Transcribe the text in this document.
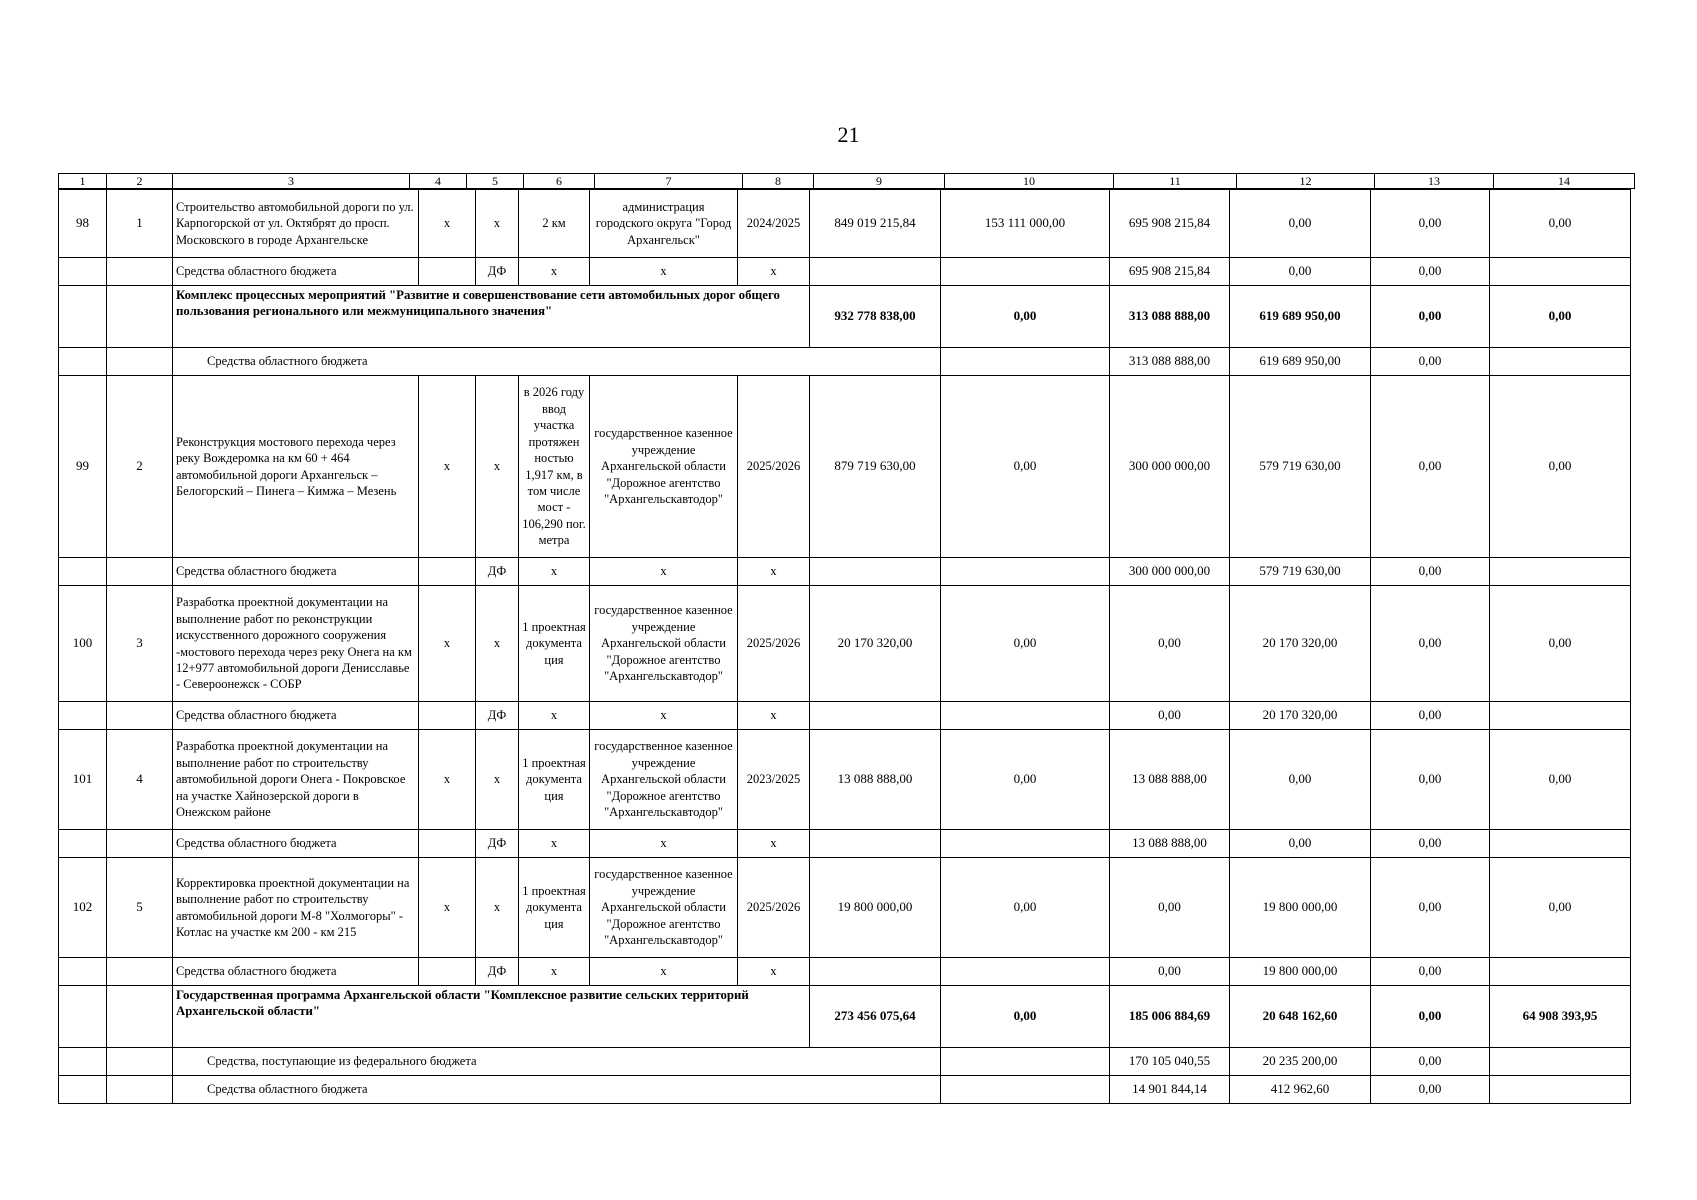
21
1	2	3	4	5	6	7	8	9	10	11	12	13	14
98	1	Строительство автомобильной дороги по ул. Карпогорской от ул. Октябрят до просп. Московского в городе Архангельске	х	х	2 км	администрация городского округа "Город Архангельск"	2024/2025	849 019 215,84	153 111 000,00	695 908 215,84	0,00	0,00	0,00
		Средства областного бюджета		ДФ	х	х	х			695 908 215,84	0,00	0,00	
		Комплекс процессных мероприятий "Развитие и совершенствование сети автомобильных дорог общего пользования регионального или межмуниципального значения"						932 778 838,00	0,00	313 088 888,00	619 689 950,00	0,00	0,00
		Средства областного бюджета								313 088 888,00	619 689 950,00	0,00	
99	2	Реконструкция мостового перехода через реку Вождеромка на км 60 + 464 автомобильной дороги Архангельск – Белогорский – Пинега – Кимжа – Мезень	х	х	в 2026 году ввод участка протяжен ностью 1,917 км, в том числе мост - 106,290 пог. метра	государственное казенное учреждение Архангельской области "Дорожное агентство "Архангельскавтодор"	2025/2026	879 719 630,00	0,00	300 000 000,00	579 719 630,00	0,00	0,00
		Средства областного бюджета		ДФ	х	х	х			300 000 000,00	579 719 630,00	0,00	
100	3	Разработка проектной документации на выполнение работ по реконструкции искусственного дорожного сооружения -мостового перехода через реку Онега на км 12+977 автомобильной дороги Денисславье - Североонежск - СОБР	х	х	1 проектная документа ция	государственное казенное учреждение Архангельской области "Дорожное агентство "Архангельскавтодор"	2025/2026	20 170 320,00	0,00	0,00	20 170 320,00	0,00	0,00
		Средства областного бюджета		ДФ	х	х	х			0,00	20 170 320,00	0,00	
101	4	Разработка проектной документации на выполнение работ по строительству автомобильной дороги Онега - Покровское на участке Хайнозерской дороги в Онежском районе	х	х	1 проектная документа ция	государственное казенное учреждение Архангельской области "Дорожное агентство "Архангельскавтодор"	2023/2025	13 088 888,00	0,00	13 088 888,00	0,00	0,00	0,00
		Средства областного бюджета		ДФ	х	х	х			13 088 888,00	0,00	0,00	
102	5	Корректировка проектной документации на выполнение работ по строительству автомобильной дороги М-8 "Холмогоры" - Котлас на участке км 200 - км 215	х	х	1 проектная документа ция	государственное казенное учреждение Архангельской области "Дорожное агентство "Архангельскавтодор"	2025/2026	19 800 000,00	0,00	0,00	19 800 000,00	0,00	0,00
		Средства областного бюджета		ДФ	х	х	х			0,00	19 800 000,00	0,00	
		Государственная программа Архангельской области "Комплексное развитие сельских территорий Архангельской области"						273 456 075,64	0,00	185 006 884,69	20 648 162,60	0,00	64 908 393,95
		Средства, поступающие из федерального бюджета								170 105 040,55	20 235 200,00	0,00	
		Средства областного бюджета								14 901 844,14	412 962,60	0,00	
